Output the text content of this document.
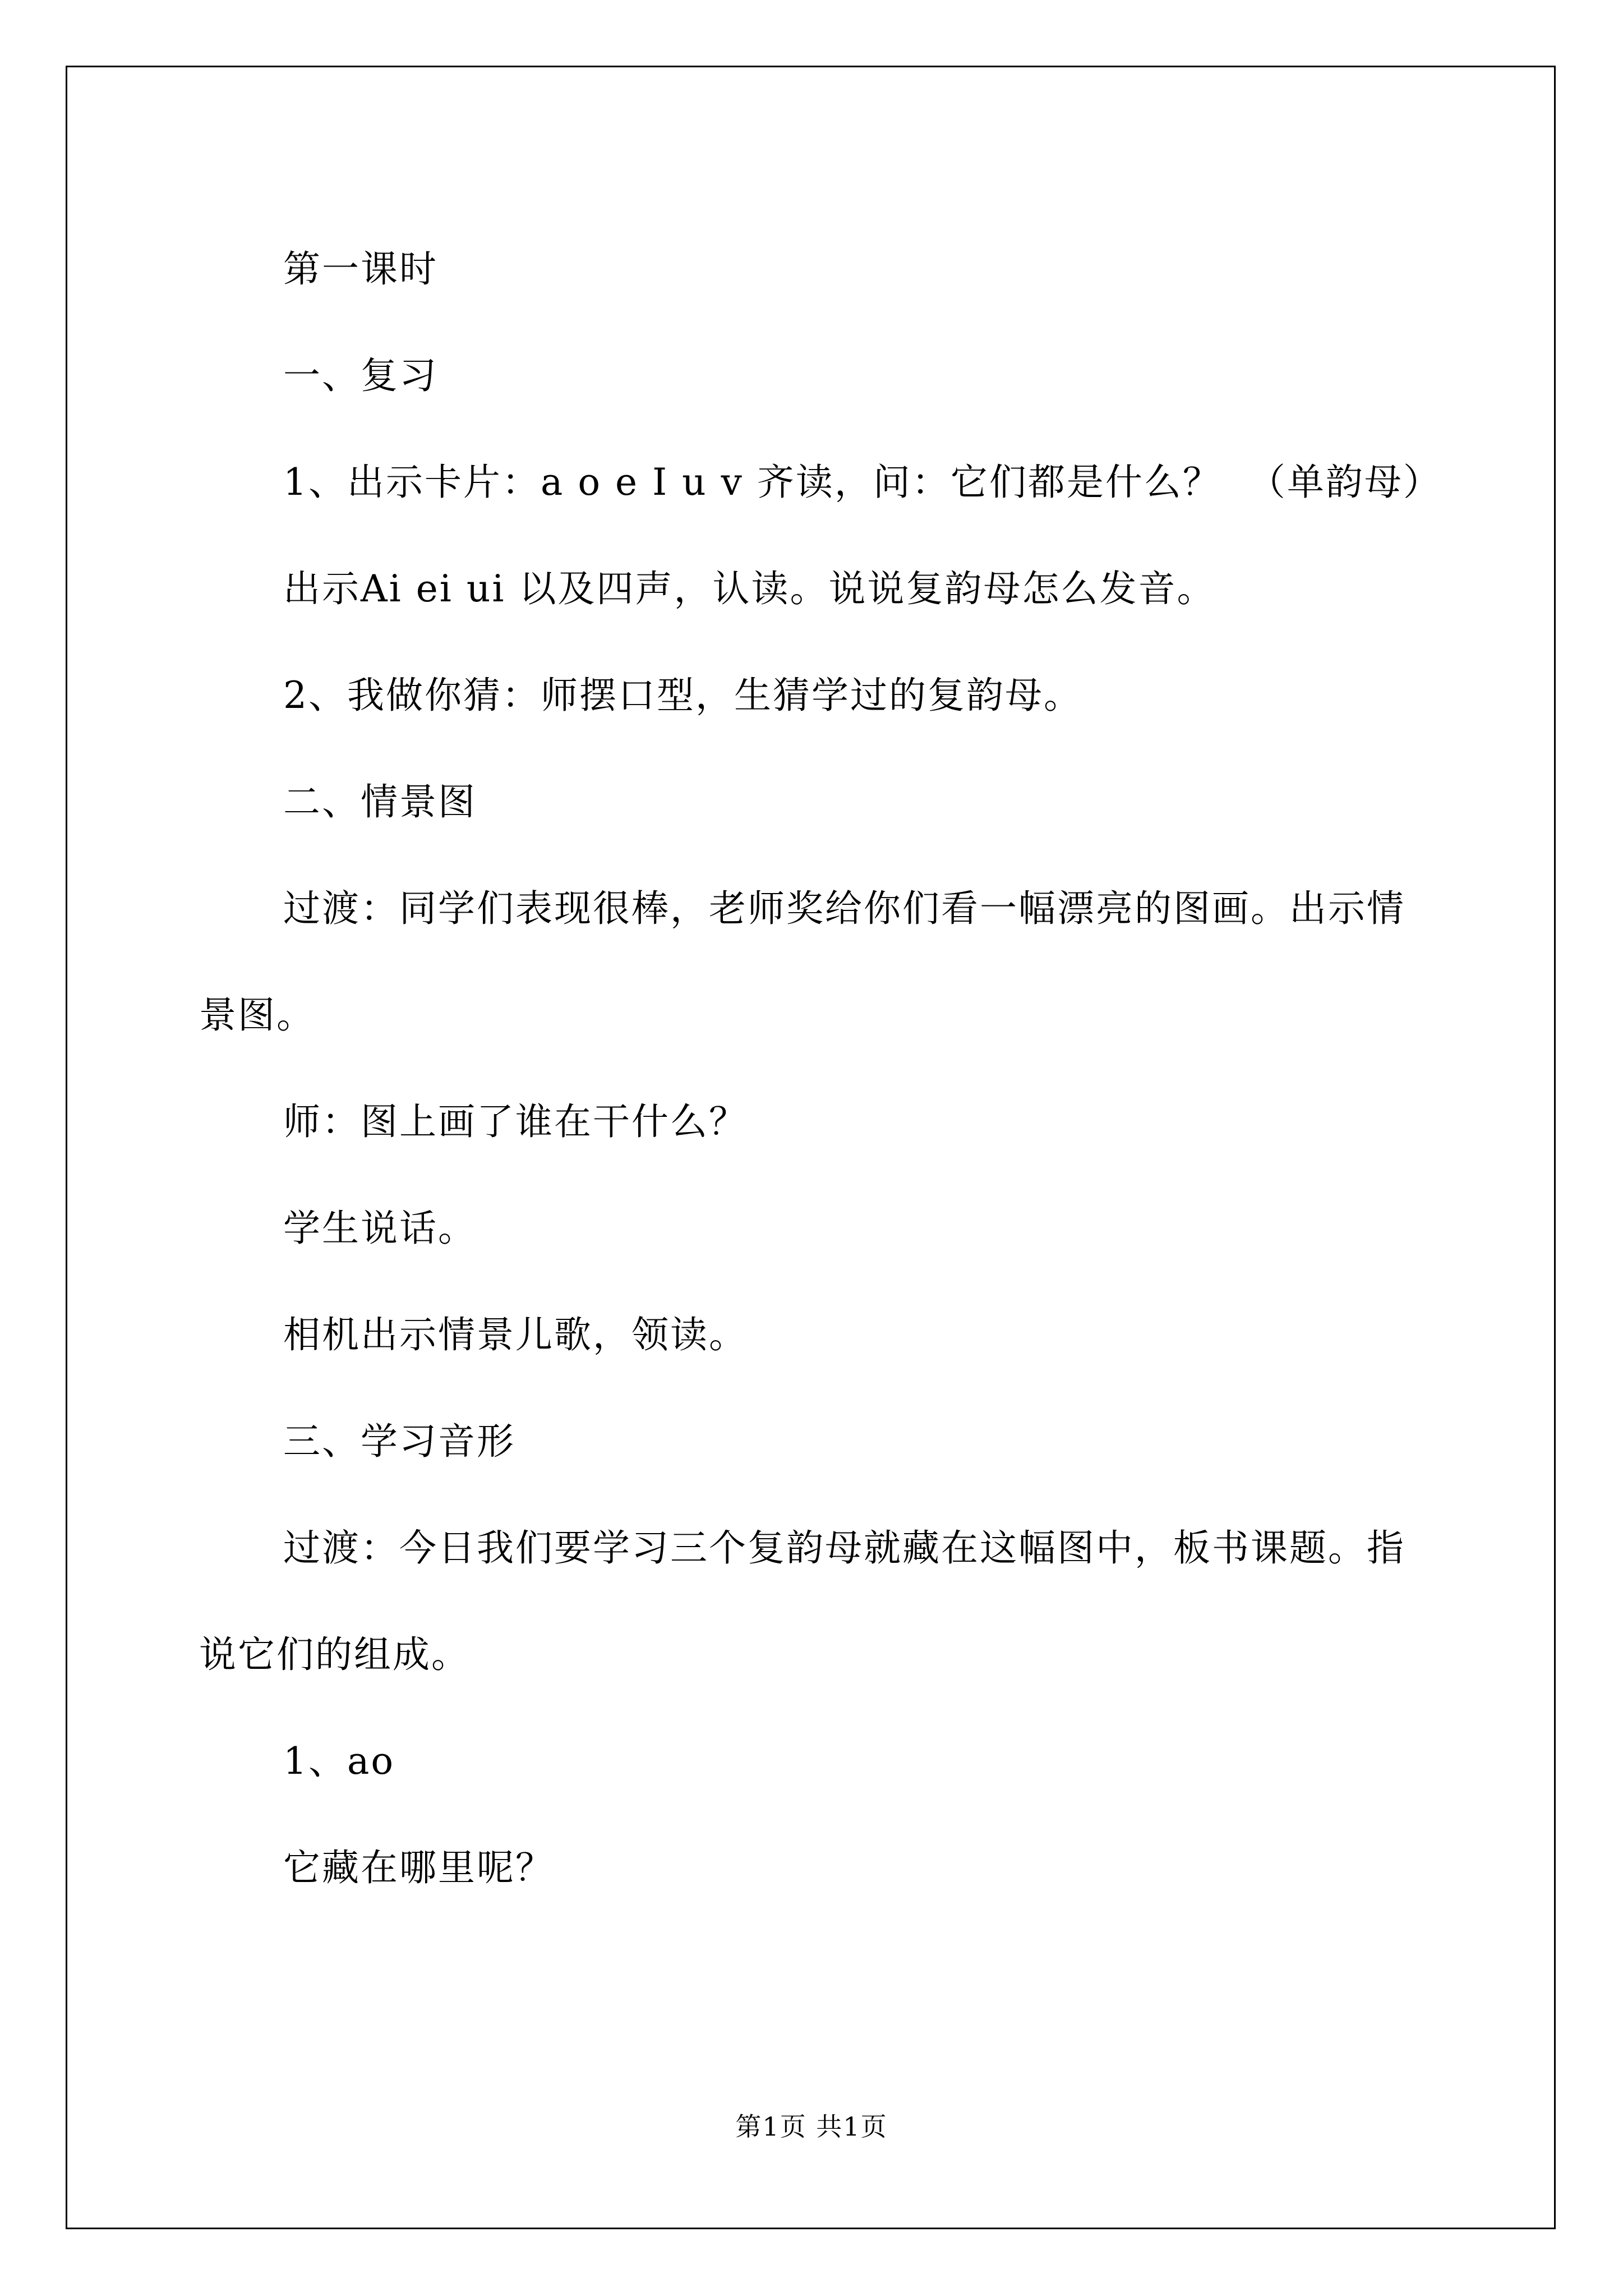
第一课时

一、复习

1、出示卡片：a o e I u v 齐读，问：它们都是什么？  （单韵母）

出示Ai ei ui 以及四声，认读。说说复韵母怎么发音。

2、我做你猜：师摆口型，生猜学过的复韵母。

二、情景图

过渡：同学们表现很棒，老师奖给你们看一幅漂亮的图画。出示情景图。

师：图上画了谁在干什么？

学生说话。

相机出示情景儿歌，领读。

三、学习音形

过渡：今日我们要学习三个复韵母就藏在这幅图中，板书课题。指说它们的组成。

1、ao

它藏在哪里呢？

第1页 共1页
